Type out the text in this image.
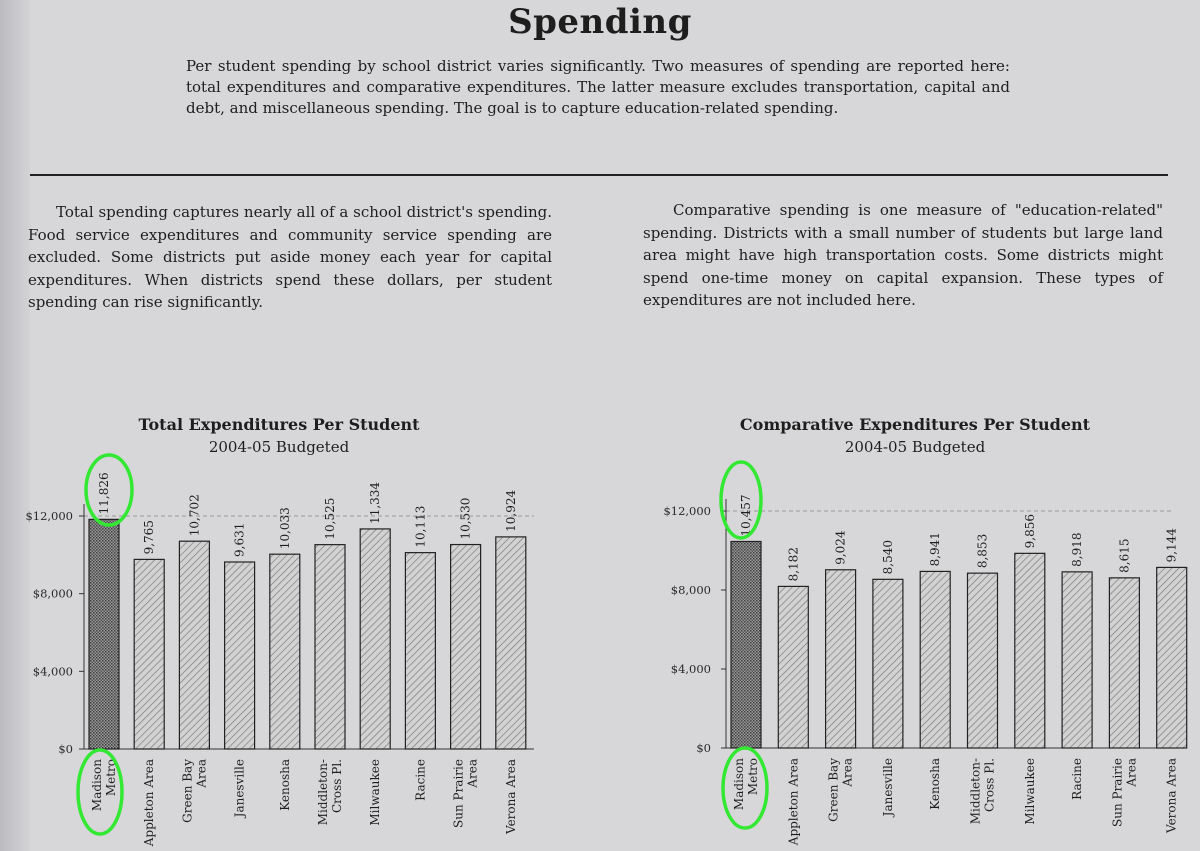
Spending
Per student spending by school district varies significantly. Two measures of spending are reported here: total expenditures and comparative expenditures. The latter measure excludes transportation, capital and debt, and miscellaneous spending. The goal is to capture education-related spending.
Total spending captures nearly all of a school district's spending. Food service expenditures and community service spending are excluded. Some districts put aside money each year for capital expenditures. When districts spend these dollars, per student spending can rise significantly.
Comparative spending is one measure of "education-related" spending. Districts with a small number of students but large land area might have high transportation costs. Some districts might spend one-time money on capital expansion. These types of expenditures are not included here.
Total Expenditures Per Student
2004-05 Budgeted
$0
$4,000
$8,000
$12,000
11,826
Madison Metro
9,765
Appleton Area
10,702
Green Bay Area
9,631
Janesville
10,033
Kenosha
10,525
Middleton- Cross Pl.
11,334
Milwaukee
10,113
Racine
10,530
Sun Prairie Area
10,924
Verona Area
Comparative Expenditures Per Student
2004-05 Budgeted
$0
$4,000
$8,000
$12,000 10,457
Madison Metro
8,182
Appleton Area
9,024
Green Bay Area
8,540
Janesville
8,941
Kenosha
8,853
Middleton- Cross Pl.
9,856
Milwaukee
8,918
Racine
8,615
Sun Prairie Area
9,144
Verona Area
